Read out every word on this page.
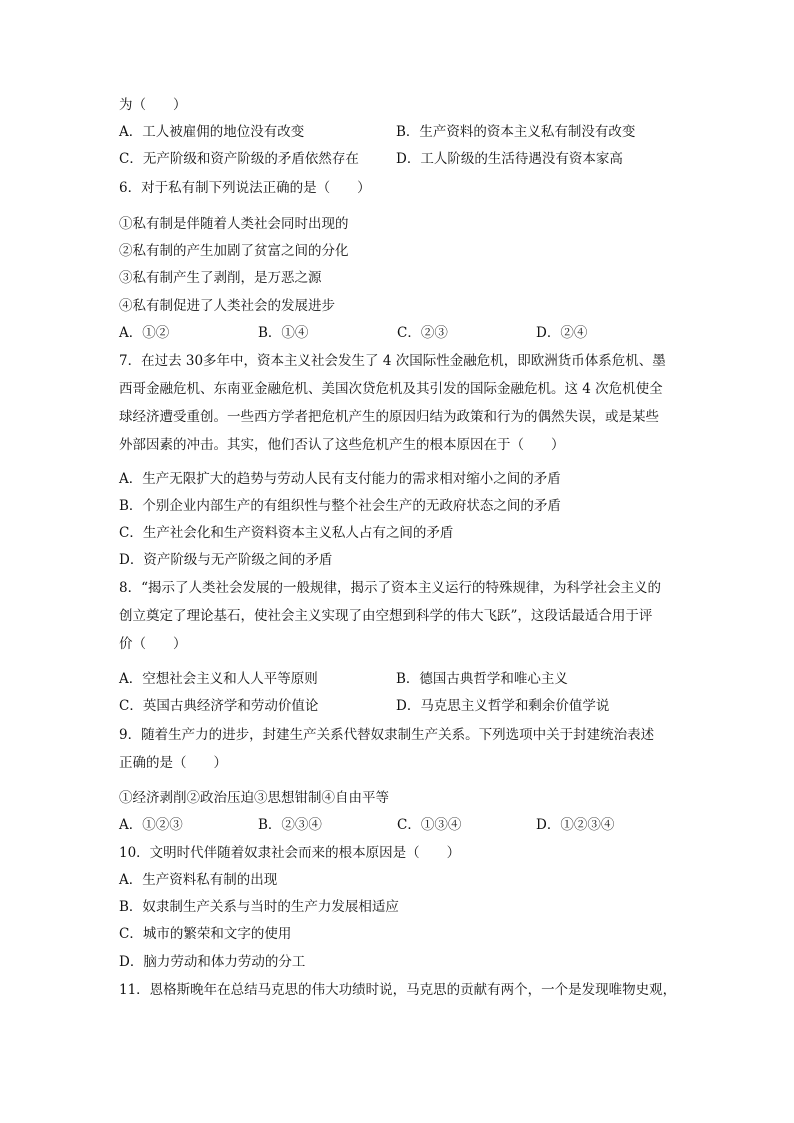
为（　　）
A．工人被雇佣的地位没有改变	B．生产资料的资本主义私有制没有改变
C．无产阶级和资产阶级的矛盾依然存在	D．工人阶级的生活待遇没有资本家高
6．对于私有制下列说法正确的是（　　）
①私有制是伴随着人类社会同时出现的
②私有制的产生加剧了贫富之间的分化
③私有制产生了剥削，是万恶之源
④私有制促进了人类社会的发展进步
A．①②	B．①④	C．②③	D．②④
7．在过去 30多年中，资本主义社会发生了 4 次国际性金融危机，即欧洲货币体系危机、墨
西哥金融危机、东南亚金融危机、美国次贷危机及其引发的国际金融危机。这 4 次危机使全
球经济遭受重创。一些西方学者把危机产生的原因归结为政策和行为的偶然失误，或是某些
外部因素的冲击。其实，他们否认了这些危机产生的根本原因在于（　　）
A．生产无限扩大的趋势与劳动人民有支付能力的需求相对缩小之间的矛盾
B．个别企业内部生产的有组织性与整个社会生产的无政府状态之间的矛盾
C．生产社会化和生产资料资本主义私人占有之间的矛盾
D．资产阶级与无产阶级之间的矛盾
8．“揭示了人类社会发展的一般规律，揭示了资本主义运行的特殊规律，为科学社会主义的
创立奠定了理论基石，使社会主义实现了由空想到科学的伟大飞跃”，这段话最适合用于评
价（　　）
A．空想社会主义和人人平等原则	B．德国古典哲学和唯心主义
C．英国古典经济学和劳动价值论	D．马克思主义哲学和剩余价值学说
9．随着生产力的进步，封建生产关系代替奴隶制生产关系。下列选项中关于封建统治表述
正确的是（　　）
①经济剥削②政治压迫③思想钳制④自由平等
A．①②③	B．②③④	C．①③④	D．①②③④
10．文明时代伴随着奴隶社会而来的根本原因是（　　）
A．生产资料私有制的出现
B．奴隶制生产关系与当时的生产力发展相适应
C．城市的繁荣和文字的使用
D．脑力劳动和体力劳动的分工
11．恩格斯晚年在总结马克思的伟大功绩时说，马克思的贡献有两个，一个是发现唯物史观，
